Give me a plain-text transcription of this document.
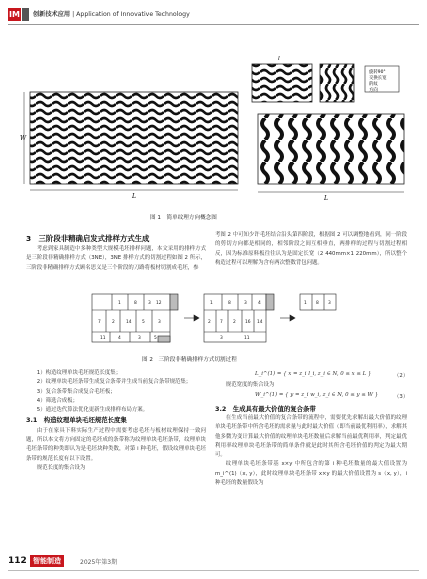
IM 创新技术应用 | Application of Innovative Technology
L
W
l
旋转90°
交换长宽
的纹
方向
L
图 1　简单纹理方向概念图
3　三阶段非精确启发式排样方式生成

考虑到家具制造中多种类型大规模毛坯排样问题，本文采用的排样方式是三阶段非精确排样方式（3NE），3NE 排样方式的切割过程如图 2 所示，三阶段非精确排样方式顾名思义是三个阶段的刀路将板材切割成毛坯，参

考图 2 中可知少许毛坯结合沿头第四阶段，根据图 2 可以调整地看到，同一阶段的剪切方向都是相同的，相邻阶段之间互相垂直，两排样的过程与切割过程相反，因为标准原料板往往认为是固定长宽（2 440mm×1 220mm），所以整个构造过程可以理解为含有两次整数背包问题。

1	8	3 12
7	2	14 5	3
11	4	3	5
1	8	3	4
2 7 2 16 14
3	11
1 8 3
图 2　三阶段非精确排样方式切割过程

1）构造纹理单块毛坯规范长度集；

2）纹理单块毛坯条带生成复合条带并生成当前复合条带规范集；

3）复合条带集合成复合毛坯板；

4）筛选合成板；

5）通过迭代算法优化更新生成排样布局方案。

3.1　构造纹理单块毛坯规范长度集

由于在家具下料实际生产过程中需要考虑毛坯与板材纹理保持一致问题，所以本文将方向固定的毛坯成的条带称为纹理单块毛坯条带，纹理单块毛坯条带的种类即认为是毛坯块种类数，对第 i 种毛坯，假设纹理单块毛坯条带的规范长度有以下设置。

规范长度的集合设为

L_i^(1) = { x = z_i l_i, z_i ∈ N, 0 ≤ x ≤ L }	（2）

规范宽度的集合设为

W_i^(1) = { y = z_i w_i, z_i ∈ N, 0 ≤ y ≤ W }	（3）
3.2　生成具有最大价值的复合条带

在生成当前最大价值的复合条带的流程中，需要优先求解出最大价值的纹理单块毛坯条带中所含毛坯的需求量与此时最大价值（即当前最优利用率），求解其他多微为变计算最大价值的纹理单块毛坯数量后求解当前最优利用率，判定最优利用率纹理单块毛坯条带的简单条件就是此时其所含毛坯价值的判定为最大期可。

纹理单块毛坯条带基 x×y 中所包含的第 i 种毛坯数量的最大值设置为 m_i^(1)（x, y），此时纹理单块毛坯条带 x×y 的最大价值设置为 s（x, y），i 种毛坯的数量假设为

112 智能制造	2025年第3期
